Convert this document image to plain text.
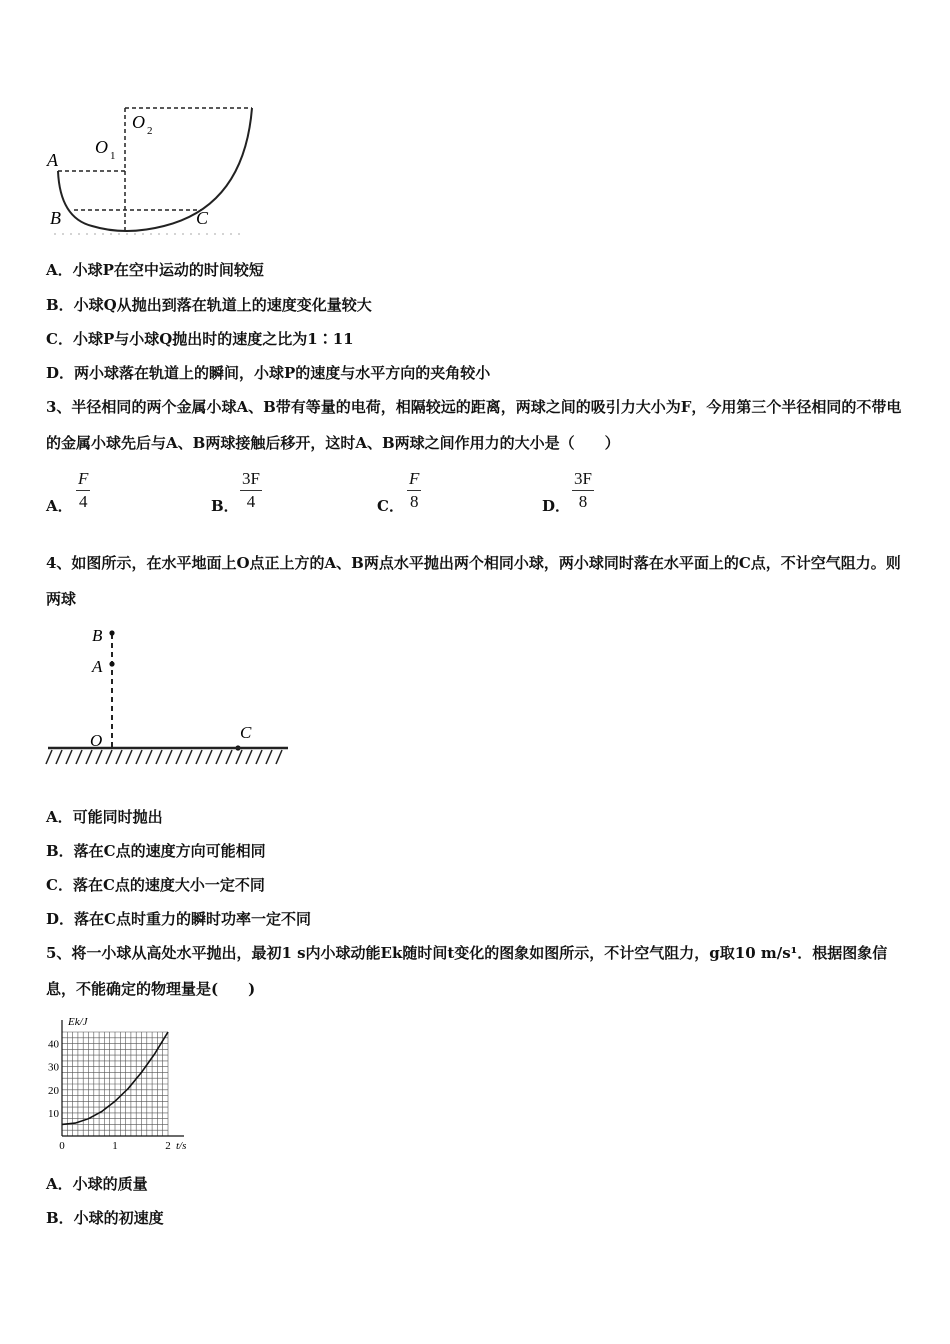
A
B	C
O 1
O 2
A．小球P在空中运动的时间较短
B．小球Q从抛出到落在轨道上的速度变化量较大
C．小球P与小球Q抛出时的速度之比为1∶11
D．两小球落在轨道上的瞬间，小球P的速度与水平方向的夹角较小
3、半径相同的两个金属小球A、B带有等量的电荷，相隔较远的距离，两球之间的吸引力大小为F，今用第三个半径相同的不带电的金属小球先后与A、B两球接触后移开，这时A、B两球之间作用力的大小是（　　）
A． $\frac{F}{4}$	B． $\frac{3F}{4}$	C． $\frac{F}{8}$	D． $\frac{3F}{8}$
4、如图所示，在水平地面上O点正上方的A、B两点水平抛出两个相同小球，两小球同时落在水平面上的C点，不计空气阻力。则两球
B
A
O	C
A．可能同时抛出
B．落在C点的速度方向可能相同
C．落在C点的速度大小一定不同
D．落在C点时重力的瞬时功率一定不同
5、将一小球从高处水平抛出，最初1 s内小球动能Ek随时间t变化的图象如图所示，不计空气阻力，g取10 m/s¹．根据图象信息，不能确定的物理量是(　　)
10
20
30
40
0	1	2
Ek/J
t/s
A．小球的质量
B．小球的初速度
